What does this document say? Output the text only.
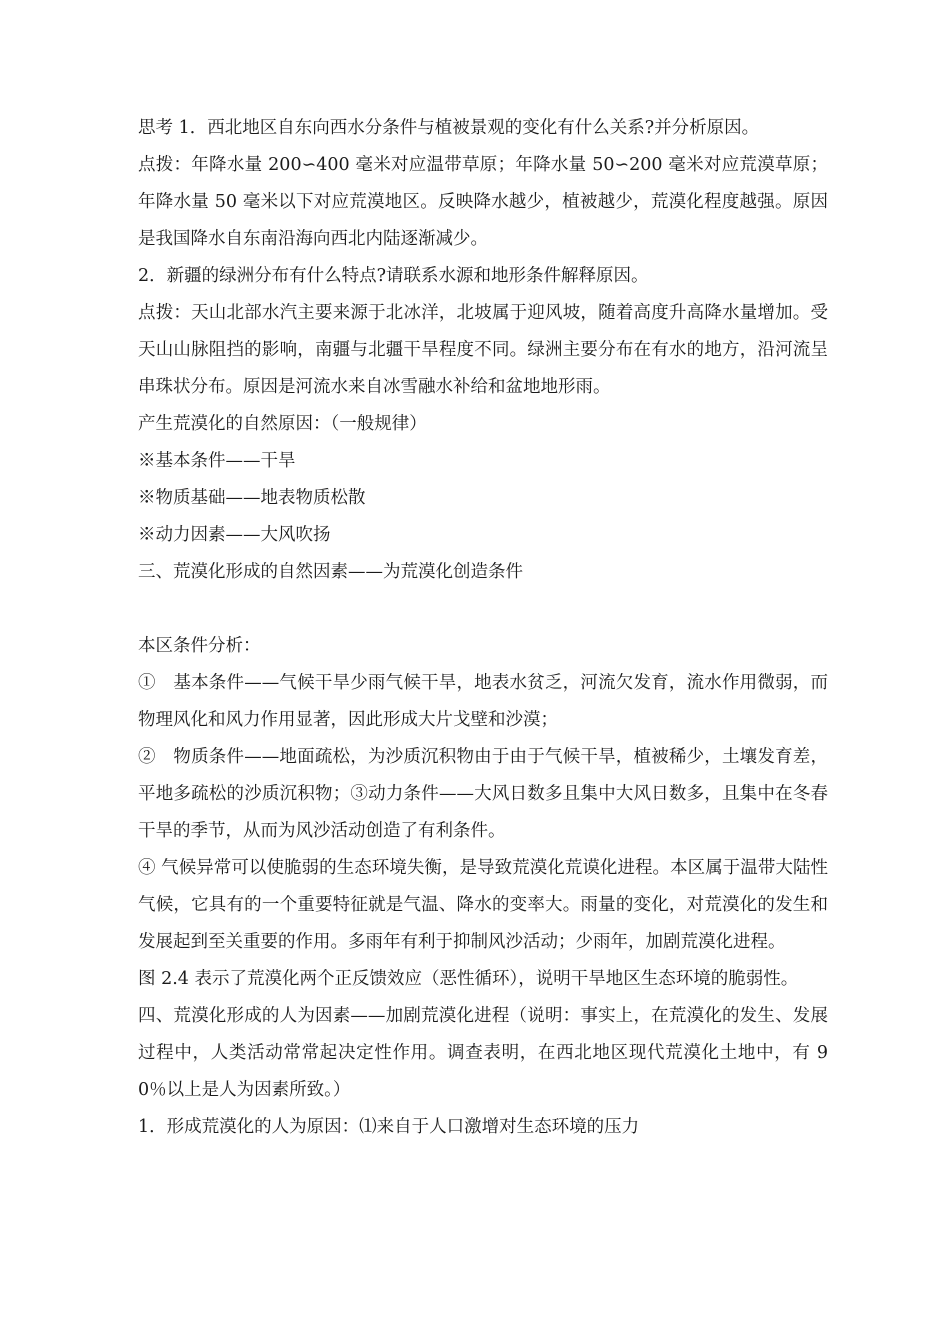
思考 1．西北地区自东向西水分条件与植被景观的变化有什么关系?并分析原因。

点拨：年降水量 200∽400 毫米对应温带草原；年降水量 50∽200 毫米对应荒漠草原；年降水量 50 毫米以下对应荒漠地区。反映降水越少，植被越少，荒漠化程度越强。原因是我国降水自东南沿海向西北内陆逐渐减少。

2．新疆的绿洲分布有什么特点?请联系水源和地形条件解释原因。

点拨：天山北部水汽主要来源于北冰洋，北坡属于迎风坡，随着高度升高降水量增加。受天山山脉阻挡的影响，南疆与北疆干旱程度不同。绿洲主要分布在有水的地方，沿河流呈串珠状分布。原因是河流水来自冰雪融水补给和盆地地形雨。

产生荒漠化的自然原因：（一般规律）

※基本条件——干旱

※物质基础——地表物质松散

※动力因素——大风吹扬

三、荒漠化形成的自然因素——为荒漠化创造条件

本区条件分析：

①　基本条件——气候干旱少雨气候干旱，地表水贫乏，河流欠发育，流水作用微弱，而物理风化和风力作用显著，因此形成大片戈壁和沙漠；

②　物质条件——地面疏松，为沙质沉积物由于由于气候干旱，植被稀少，土壤发育差，平地多疏松的沙质沉积物；③动力条件——大风日数多且集中大风日数多，且集中在冬春干旱的季节，从而为风沙活动创造了有利条件。

④ 气候异常可以使脆弱的生态环境失衡，是导致荒漠化荒谟化进程。本区属于温带大陆性气候，它具有的一个重要特征就是气温、降水的变率大。雨量的变化，对荒漠化的发生和发展起到至关重要的作用。多雨年有利于抑制风沙活动；少雨年，加剧荒漠化进程。

图 2.4 表示了荒漠化两个正反馈效应（恶性循环），说明干旱地区生态环境的脆弱性。

四、荒漠化形成的人为因素——加剧荒漠化进程（说明：事实上，在荒漠化的发生、发展过程中，人类活动常常起决定性作用。调查表明，在西北地区现代荒漠化土地中，有 90％以上是人为因素所致。）

1．形成荒漠化的人为原因：⑴来自于人口激增对生态环境的压力
